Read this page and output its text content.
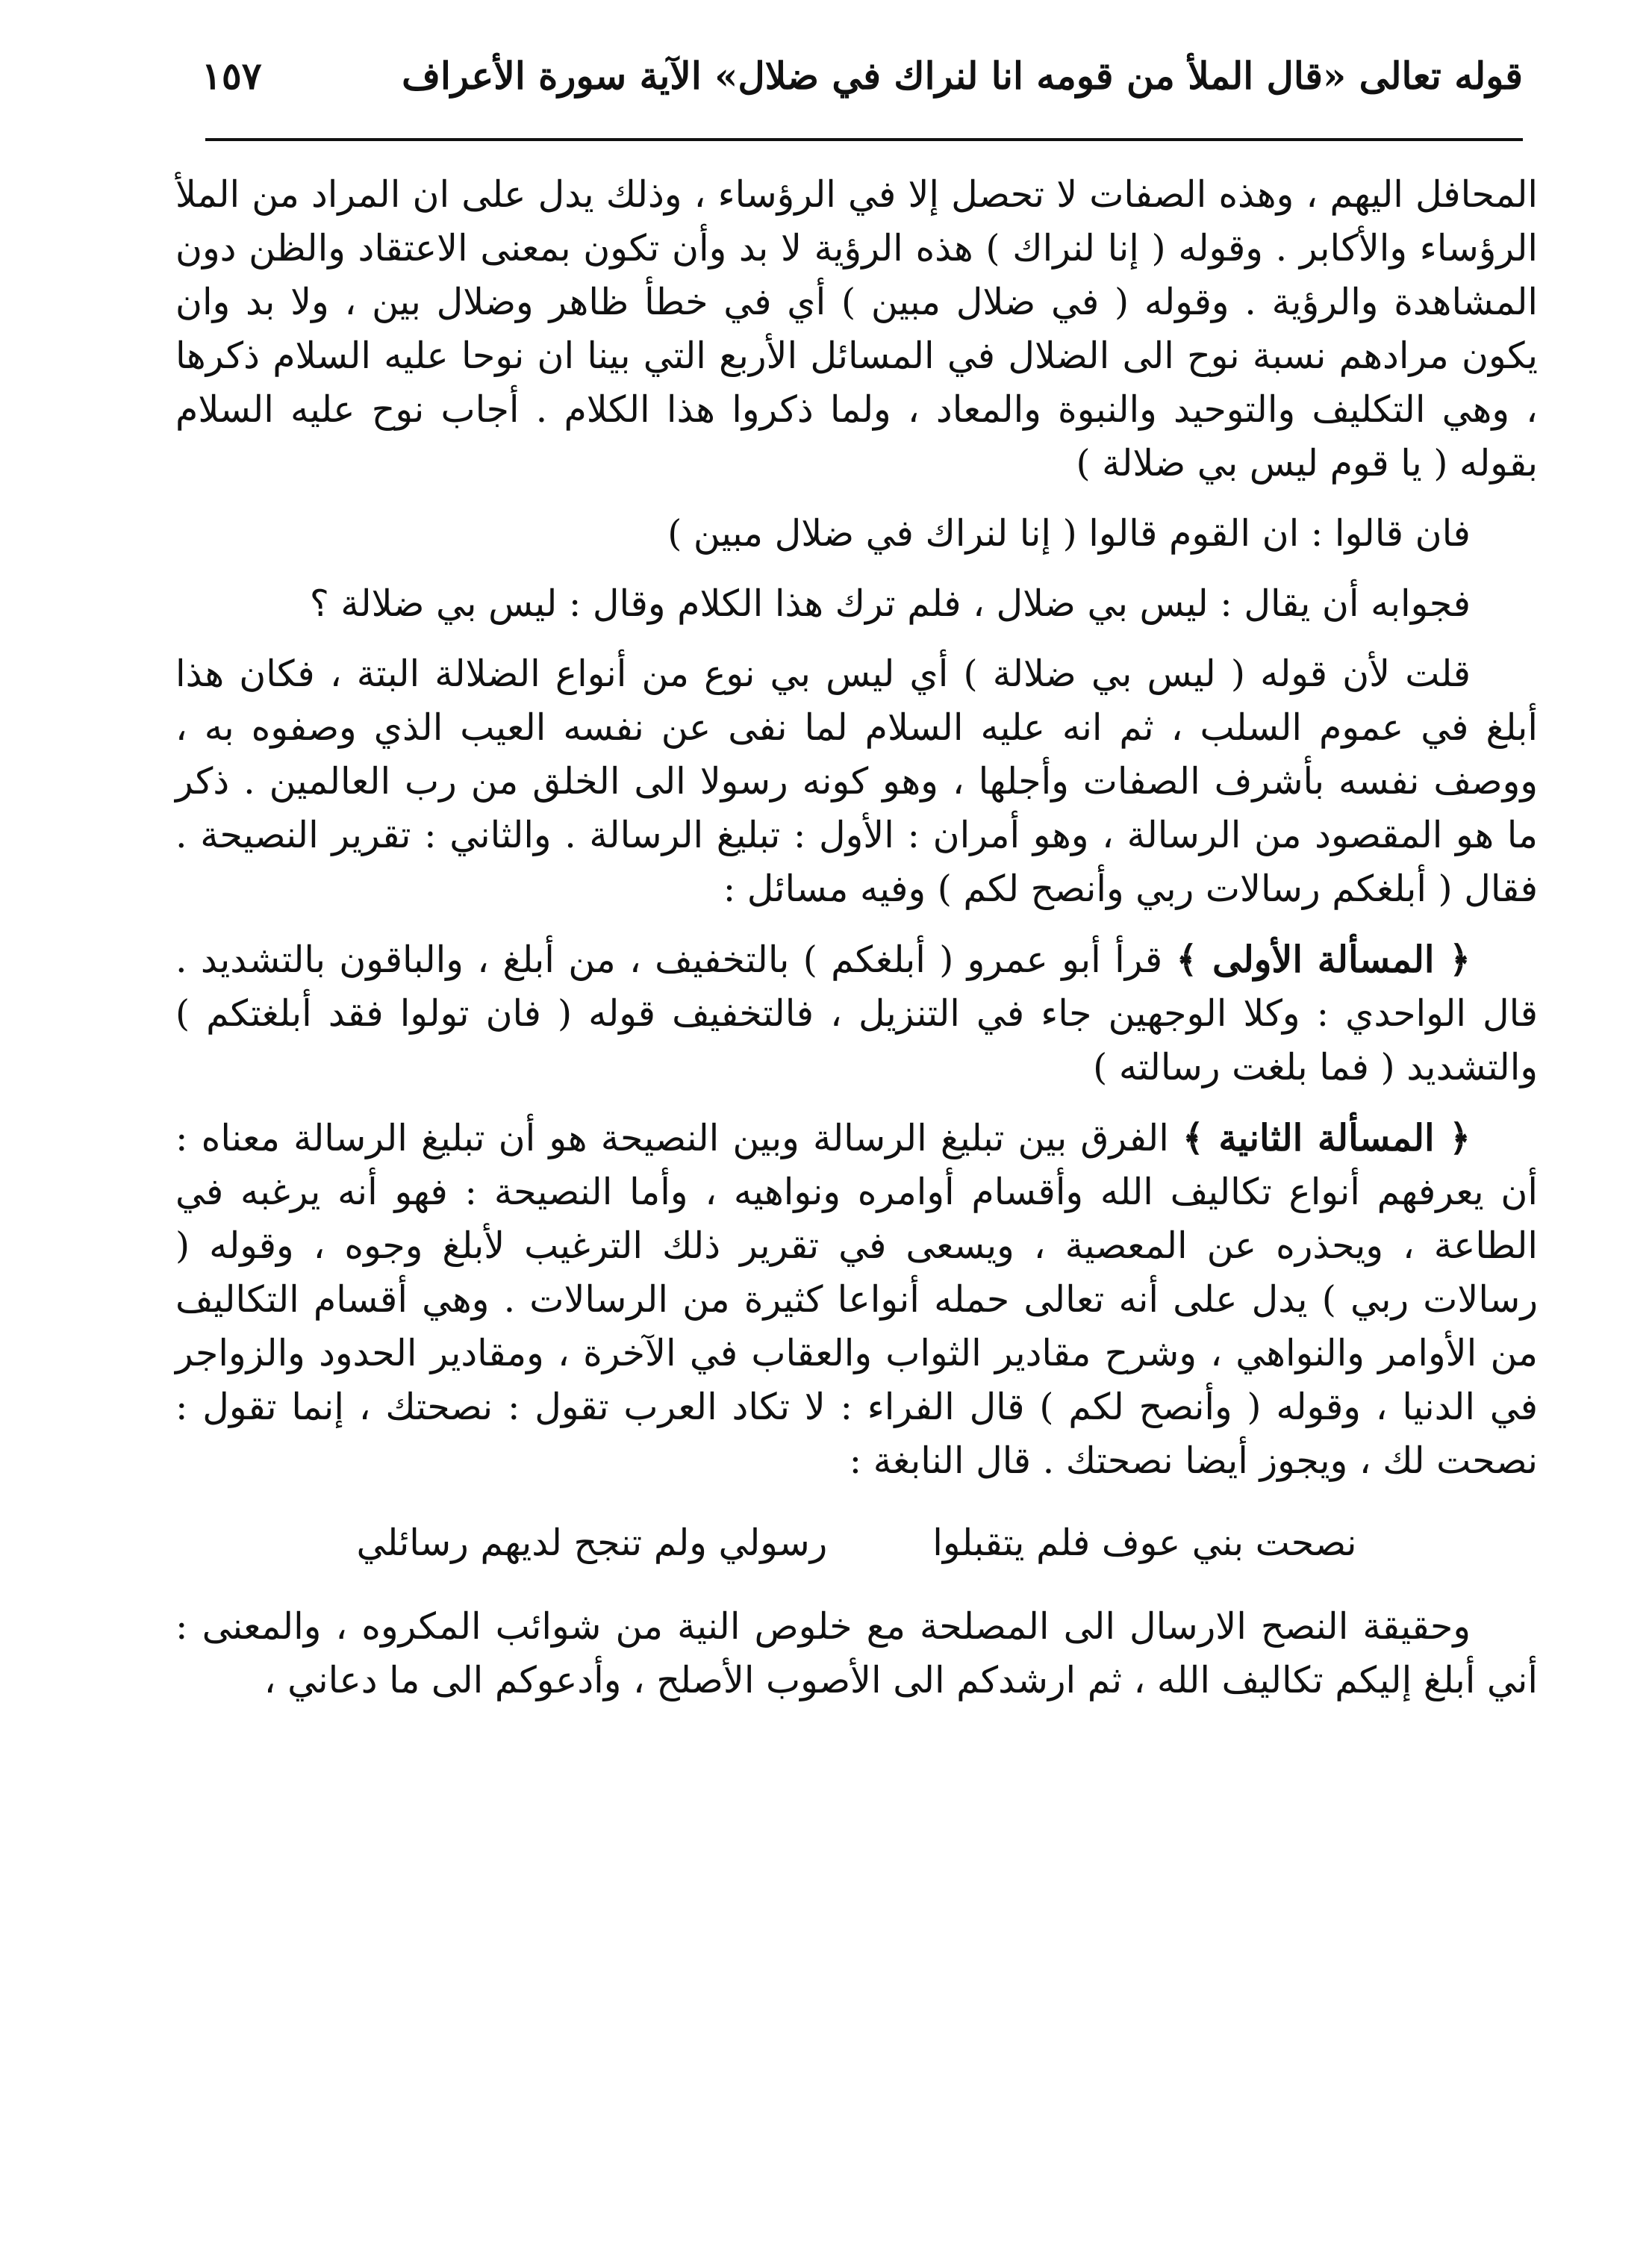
قوله تعالى «قال الملأ من قومه انا لنراك في ضلال» الآية سورة الأعراف
١٥٧

المحافل اليهم ، وهذه الصفات لا تحصل إلا في الرؤساء ، وذلك يدل على ان المراد من الملأ الرؤساء والأكابر . وقوله ( إنا لنراك ) هذه الرؤية لا بد وأن تكون بمعنى الاعتقاد والظن دون المشاهدة والرؤية . وقوله ( في ضلال مبين ) أي في خطأ ظاهر وضلال بين ، ولا بد وان يكون مرادهم نسبة نوح الى الضلال في المسائل الأربع التي بينا ان نوحا عليه السلام ذكرها ، وهي التكليف والتوحيد والنبوة والمعاد ، ولما ذكروا هذا الكلام . أجاب نوح عليه السلام بقوله ( يا قوم ليس بي ضلالة )

فان قالوا : ان القوم قالوا ( إنا لنراك في ضلال مبين )

فجوابه أن يقال : ليس بي ضلال ، فلم ترك هذا الكلام وقال : ليس بي ضلالة ؟

قلت لأن قوله ( ليس بي ضلالة ) أي ليس بي نوع من أنواع الضلالة البتة ، فكان هذا أبلغ في عموم السلب ، ثم انه عليه السلام لما نفى عن نفسه العيب الذي وصفوه به ، ووصف نفسه بأشرف الصفات وأجلها ، وهو كونه رسولا الى الخلق من رب العالمين . ذكر ما هو المقصود من الرسالة ، وهو أمران : الأول : تبليغ الرسالة . والثاني : تقرير النصيحة . فقال ( أبلغكم رسالات ربي وأنصح لكم ) وفيه مسائل :

﴿ المسألة الأولى ﴾ قرأ أبو عمرو ( أبلغكم ) بالتخفيف ، من أبلغ ، والباقون بالتشديد . قال الواحدي : وكلا الوجهين جاء في التنزيل ، فالتخفيف قوله ( فان تولوا فقد أبلغتكم ) والتشديد ( فما بلغت رسالته )

﴿ المسألة الثانية ﴾ الفرق بين تبليغ الرسالة وبين النصيحة هو أن تبليغ الرسالة معناه : أن يعرفهم أنواع تكاليف الله وأقسام أوامره ونواهيه ، وأما النصيحة : فهو أنه يرغبه في الطاعة ، ويحذره عن المعصية ، ويسعى في تقرير ذلك الترغيب لأبلغ وجوه ، وقوله ( رسالات ربي ) يدل على أنه تعالى حمله أنواعا كثيرة من الرسالات . وهي أقسام التكاليف من الأوامر والنواهي ، وشرح مقادير الثواب والعقاب في الآخرة ، ومقادير الحدود والزواجر في الدنيا ، وقوله ( وأنصح لكم ) قال الفراء : لا تكاد العرب تقول : نصحتك ، إنما تقول : نصحت لك ، ويجوز أيضا نصحتك . قال النابغة :

نصحت بني عوف فلم يتقبلوا
رسولي ولم تنجح لديهم رسائلي

وحقيقة النصح الارسال الى المصلحة مع خلوص النية من شوائب المكروه ، والمعنى : أني أبلغ إليكم تكاليف الله ، ثم ارشدكم الى الأصوب الأصلح ، وأدعوكم الى ما دعاني ،
